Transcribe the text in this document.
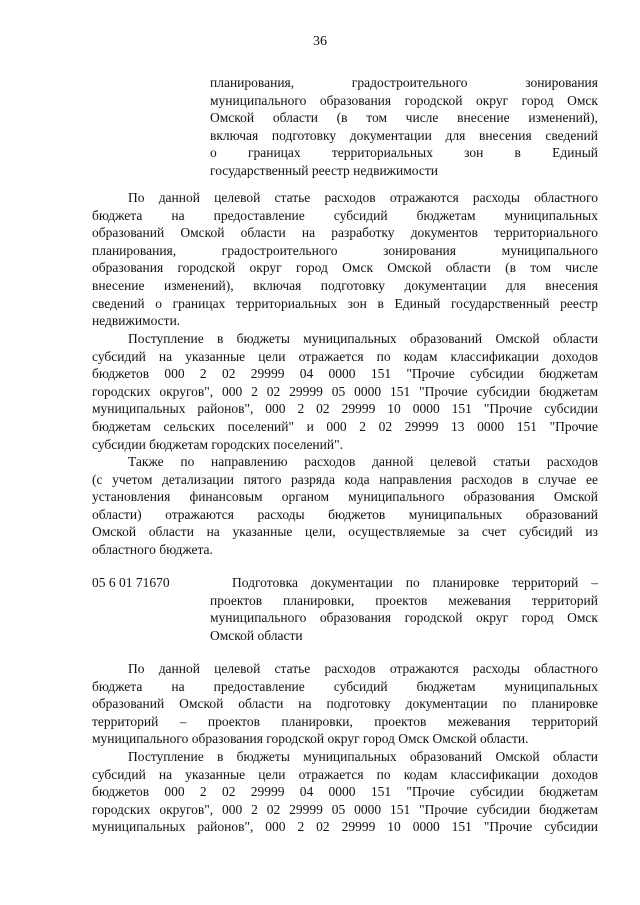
36
планирования, градостроительного зонирования
муниципального образования городской округ город Омск
Омской области (в том числе внесение изменений),
включая подготовку документации для внесения сведений
о границах территориальных зон в Единый
государственный реестр недвижимости
По данной целевой статье расходов отражаются расходы областного
бюджета на предоставление субсидий бюджетам муниципальных
образований Омской области на разработку документов территориального
планирования, градостроительного зонирования муниципального
образования городской округ город Омск Омской области (в том числе
внесение изменений), включая подготовку документации для внесения
сведений о границах территориальных зон в Единый государственный реестр
недвижимости.
Поступление в бюджеты муниципальных образований Омской области
субсидий на указанные цели отражается по кодам классификации доходов
бюджетов 000 2 02 29999 04 0000 151 "Прочие субсидии бюджетам
городских округов", 000 2 02 29999 05 0000 151 "Прочие субсидии бюджетам
муниципальных районов", 000 2 02 29999 10 0000 151 "Прочие субсидии
бюджетам сельских поселений" и 000 2 02 29999 13 0000 151 "Прочие
субсидии бюджетам городских поселений".
Также по направлению расходов данной целевой статьи расходов
(с учетом детализации пятого разряда кода направления расходов в случае ее
установления финансовым органом муниципального образования Омской
области) отражаются расходы бюджетов муниципальных образований
Омской области на указанные цели, осуществляемые за счет субсидий из
областного бюджета.
05 6 01 71670	Подготовка документации по планировке территорий –
проектов планировки, проектов межевания территорий
муниципального образования городской округ город Омск
Омской области
По данной целевой статье расходов отражаются расходы областного
бюджета на предоставление субсидий бюджетам муниципальных
образований Омской области на подготовку документации по планировке
территорий – проектов планировки, проектов межевания территорий
муниципального образования городской округ город Омск Омской области.
Поступление в бюджеты муниципальных образований Омской области
субсидий на указанные цели отражается по кодам классификации доходов
бюджетов 000 2 02 29999 04 0000 151 "Прочие субсидии бюджетам
городских округов", 000 2 02 29999 05 0000 151 "Прочие субсидии бюджетам
муниципальных районов", 000 2 02 29999 10 0000 151 "Прочие субсидии
